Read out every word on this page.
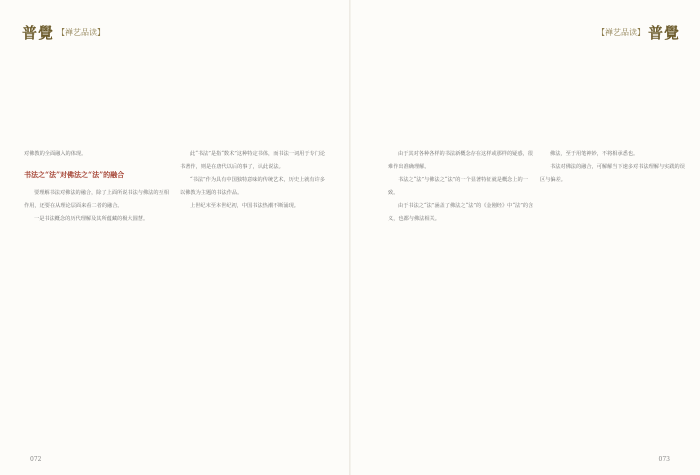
普覺 【禅艺品读】	【禅艺品读】 普覺

对佛教的全面融入的体现。

书法之“法”对佛法之“法”的融合

要理解书法对佛法的融合，除了上面所说书法与佛法的互相作用，还要在从理论层面来看二者的融合。

一是书法概念的历代理解及其所蕴藏的极大圆慧。

此“书法”是指“数术”这种特定书体，而书法一词用于专门论书著作，则是在唐代以后的事了，认此说法。

“书法”作为具有中国独特意味的传统艺术，历史上就有许多以佛教为主题的书法作品。

上世纪末至本世纪初，中国书法热潮不断涌现。

由于其对各种各样的书法新概念存在这样或那样的疑惑，很难作出准确理解。

书法之“法”与佛法之“法”的一个显著特征就是概念上的一致。

由于书法之“法”涵盖了佛法之“法”的《金刚经》中“法”的含义，也都与佛法相关。

佛法，至于用笔神妙，不将相承悉也。

书法对佛法的融合，可解解当下速多对书法理解与实践的误区与偏差。

072	073
